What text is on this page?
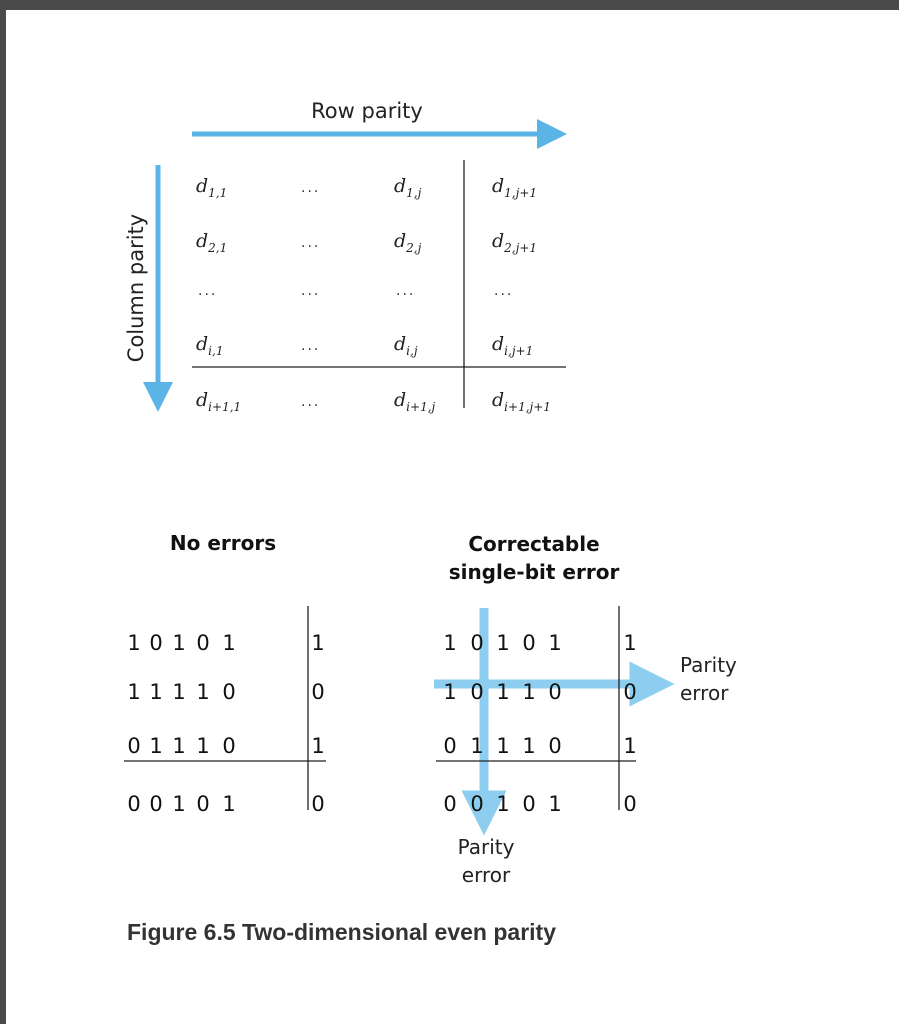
Row parity
Column parity
$d_{1,1}$	...	$d_{1,j}$	$d_{1,j+1}$
$d_{2,1}$	...	$d_{2,j}$	$d_{2,j+1}$
...	...	...	...
$d_{i,1}$	...	$d_{i,j}$	$d_{i,j+1}$
$d_{i+1,1}$	...	$d_{i+1,j}$	$d_{i+1,j+1}$
No errors
1 0 1 0 1	1
1 1 1 1 0	0
0 1 1 1 0	1
0 0 1 0 1	0
Correctable
single-bit error
1 0 1 0 1	1
1 0 1 1 0	0
0 1 1 1 0	1
0 0 1 0 1	0
Parity
error
Parity
error
Figure 6.5 Two-dimensional even parity
